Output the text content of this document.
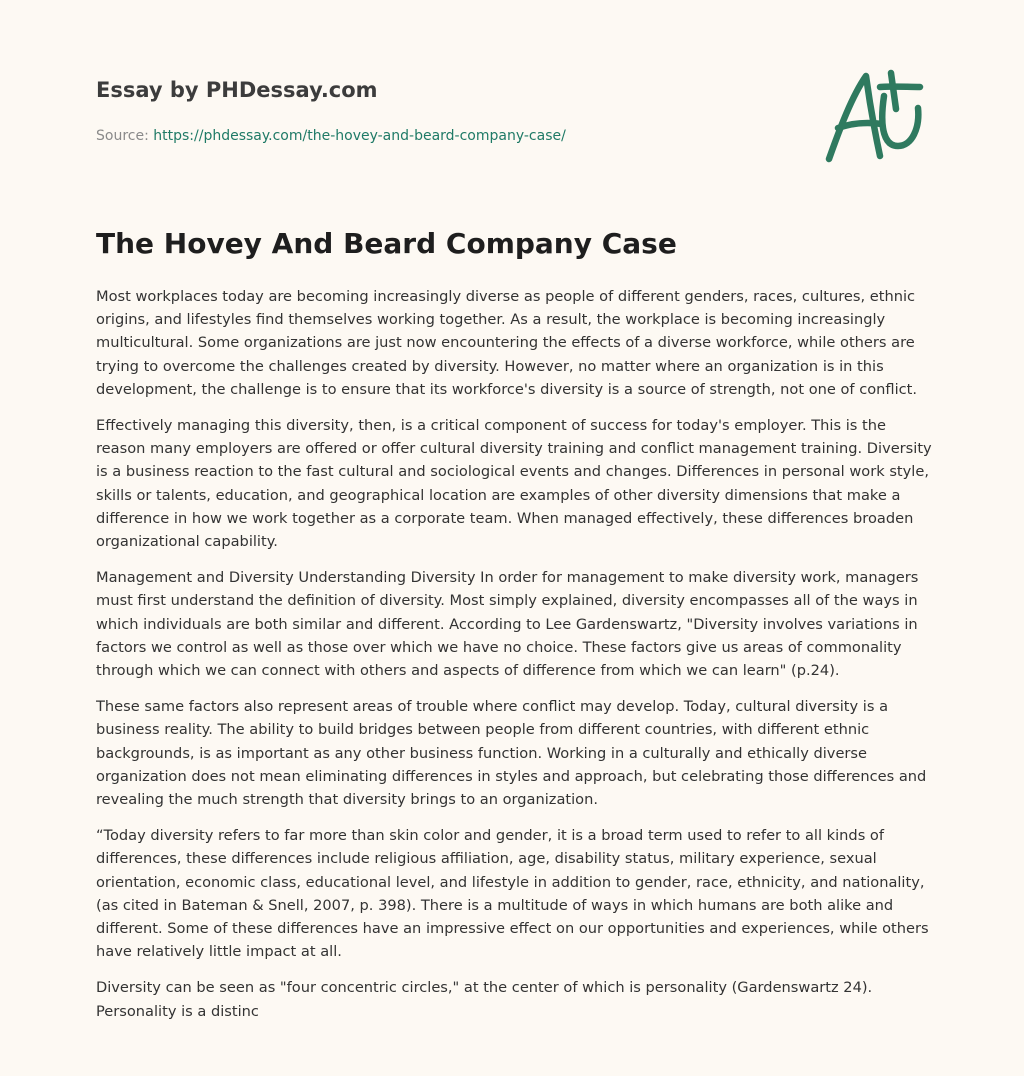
Essay by PHDessay.com
Source: https://phdessay.com/the-hovey-and-beard-company-case/
The Hovey And Beard Company Case

Most workplaces today are becoming increasingly diverse as people of different genders, races, cultures, ethnic origins, and lifestyles find themselves working together. As a result, the workplace is becoming increasingly multicultural. Some organizations are just now encountering the effects of a diverse workforce, while others are trying to overcome the challenges created by diversity. However, no matter where an organization is in this development, the challenge is to ensure that its workforce's diversity is a source of strength, not one of conflict.

Effectively managing this diversity, then, is a critical component of success for today's employer. This is the reason many employers are offered or offer cultural diversity training and conflict management training. Diversity is a business reaction to the fast cultural and sociological events and changes. Differences in personal work style, skills or talents, education, and geographical location are examples of other diversity dimensions that make a difference in how we work together as a corporate team. When managed effectively, these differences broaden organizational capability.

Management and Diversity Understanding Diversity In order for management to make diversity work, managers must first understand the definition of diversity. Most simply explained, diversity encompasses all of the ways in which individuals are both similar and different. According to Lee Gardenswartz, "Diversity involves variations in factors we control as well as those over which we have no choice. These factors give us areas of commonality through which we can connect with others and aspects of difference from which we can learn" (p.24).

These same factors also represent areas of trouble where conflict may develop. Today, cultural diversity is a business reality. The ability to build bridges between people from different countries, with different ethnic backgrounds, is as important as any other business function. Working in a culturally and ethically diverse organization does not mean eliminating differences in styles and approach, but celebrating those differences and revealing the much strength that diversity brings to an organization.

“Today diversity refers to far more than skin color and gender, it is a broad term used to refer to all kinds of differences, these differences include religious affiliation, age, disability status, military experience, sexual orientation, economic class, educational level, and lifestyle in addition to gender, race, ethnicity, and nationality, (as cited in Bateman & Snell, 2007, p. 398). There is a multitude of ways in which humans are both alike and different. Some of these differences have an impressive effect on our opportunities and experiences, while others have relatively little impact at all.

Diversity can be seen as "four concentric circles," at the center of which is personality (Gardenswartz 24). Personality is a distinc
